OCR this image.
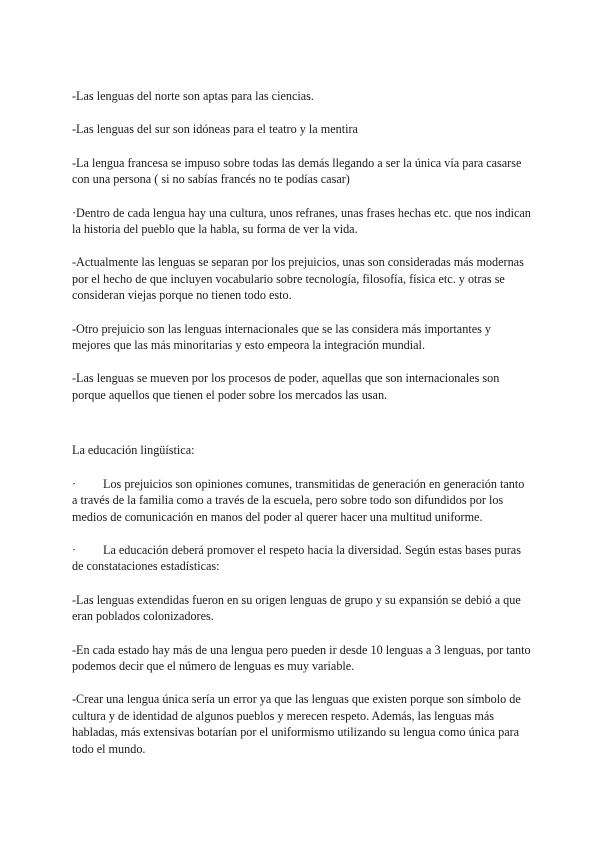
-Las lenguas del norte son aptas para las ciencias.

-Las lenguas del sur son idóneas para el teatro y la mentira

-La lengua francesa se impuso sobre todas las demás llegando a ser la única vía para casarse con una persona ( si no sabías francés no te podías casar)

·Dentro de cada lengua hay una cultura, unos refranes, unas frases hechas etc. que nos indican la historia del pueblo que la habla, su forma de ver la vida.

-Actualmente las lenguas se separan por los prejuicios, unas son consideradas más modernas por el hecho de que incluyen vocabulario sobre tecnología, filosofía, física etc. y otras se consideran viejas porque no tienen todo esto.

-Otro prejuicio son las lenguas internacionales que se las considera más importantes y mejores que las más minoritarias y esto empeora la integración mundial.

-Las lenguas se mueven por los procesos de poder, aquellas que son internacionales son porque aquellos que tienen el poder sobre los mercados las usan.

La educación lingüística:

· Los prejuicios son opiniones comunes, transmitidas de generación en generación tanto a través de la familia como a través de la escuela, pero sobre todo son difundidos por los medios de comunicación en manos del poder al querer hacer una multitud uniforme.

· La educación deberá promover el respeto hacia la diversidad. Según estas bases puras de constataciones estadísticas:

-Las lenguas extendidas fueron en su origen lenguas de grupo y su expansión se debió a que eran poblados colonizadores.

-En cada estado hay más de una lengua pero pueden ir desde 10 lenguas a 3 lenguas, por tanto podemos decir que el número de lenguas es muy variable.

-Crear una lengua única sería un error ya que las lenguas que existen porque son símbolo de cultura y de identidad de algunos pueblos y merecen respeto. Además, las lenguas más habladas, más extensivas botarían por el uniformismo utilizando su lengua como única para todo el mundo.
